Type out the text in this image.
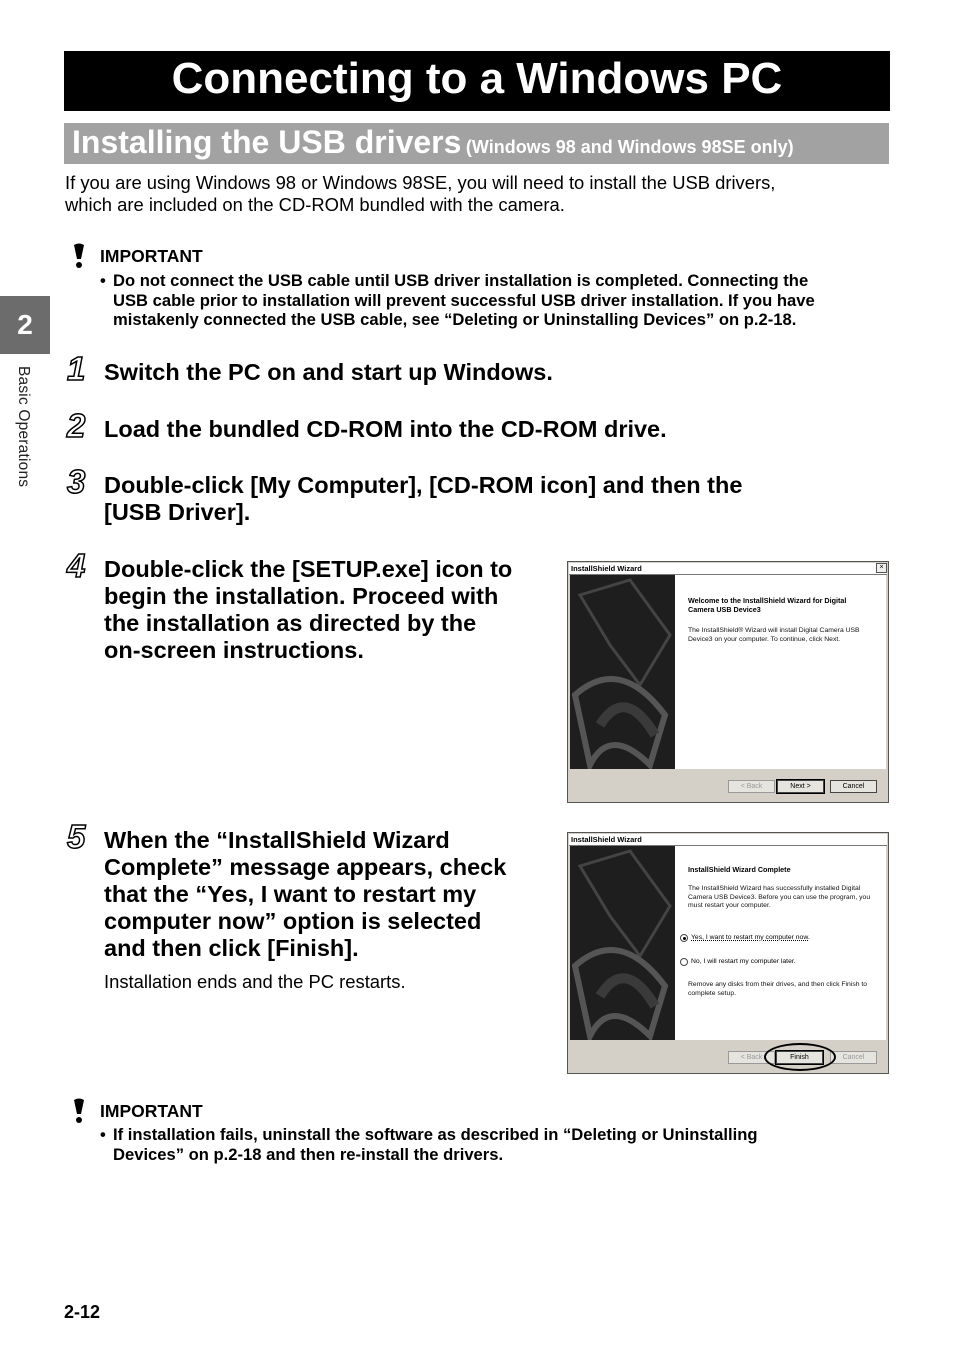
Connecting to a Windows PC
Installing the USB drivers (Windows 98 and Windows 98SE only)
2
Basic Operations
If you are using Windows 98 or Windows 98SE, you will need to install the USB drivers,
which are included on the CD-ROM bundled with the camera.
IMPORTANT
• Do not connect the USB cable until USB driver installation is completed. Connecting the
USB cable prior to installation will prevent successful USB driver installation. If you have
mistakenly connected the USB cable, see “Deleting or Uninstalling Devices” on p.2-18.
1 Switch the PC on and start up Windows.
2 Load the bundled CD-ROM into the CD-ROM drive.
3 Double-click [My Computer], [CD-ROM icon] and then the
[USB Driver].
4 Double-click the [SETUP.exe] icon to
begin the installation. Proceed with
the installation as directed by the
on-screen instructions.
InstallShield Wizard	×
Welcome to the InstallShield Wizard for Digital
Camera USB Device3
The InstallShield® Wizard will install Digital Camera USB
Device3 on your computer. To continue, click Next.
< Back	Next >	Cancel
5 When the “InstallShield Wizard
Complete” message appears, check
that the “Yes, I want to restart my
computer now” option is selected
and then click [Finish].
Installation ends and the PC restarts.
InstallShield Wizard
InstallShield Wizard Complete
The InstallShield Wizard has successfully installed Digital
Camera USB Device3. Before you can use the program, you
must restart your computer.
Yes, I want to restart my computer now.
No, I will restart my computer later.
Remove any disks from their drives, and then click Finish to
complete setup.
< Back	Finish	Cancel
IMPORTANT
• If installation fails, uninstall the software as described in “Deleting or Uninstalling
Devices” on p.2-18 and then re-install the drivers.
2-12
